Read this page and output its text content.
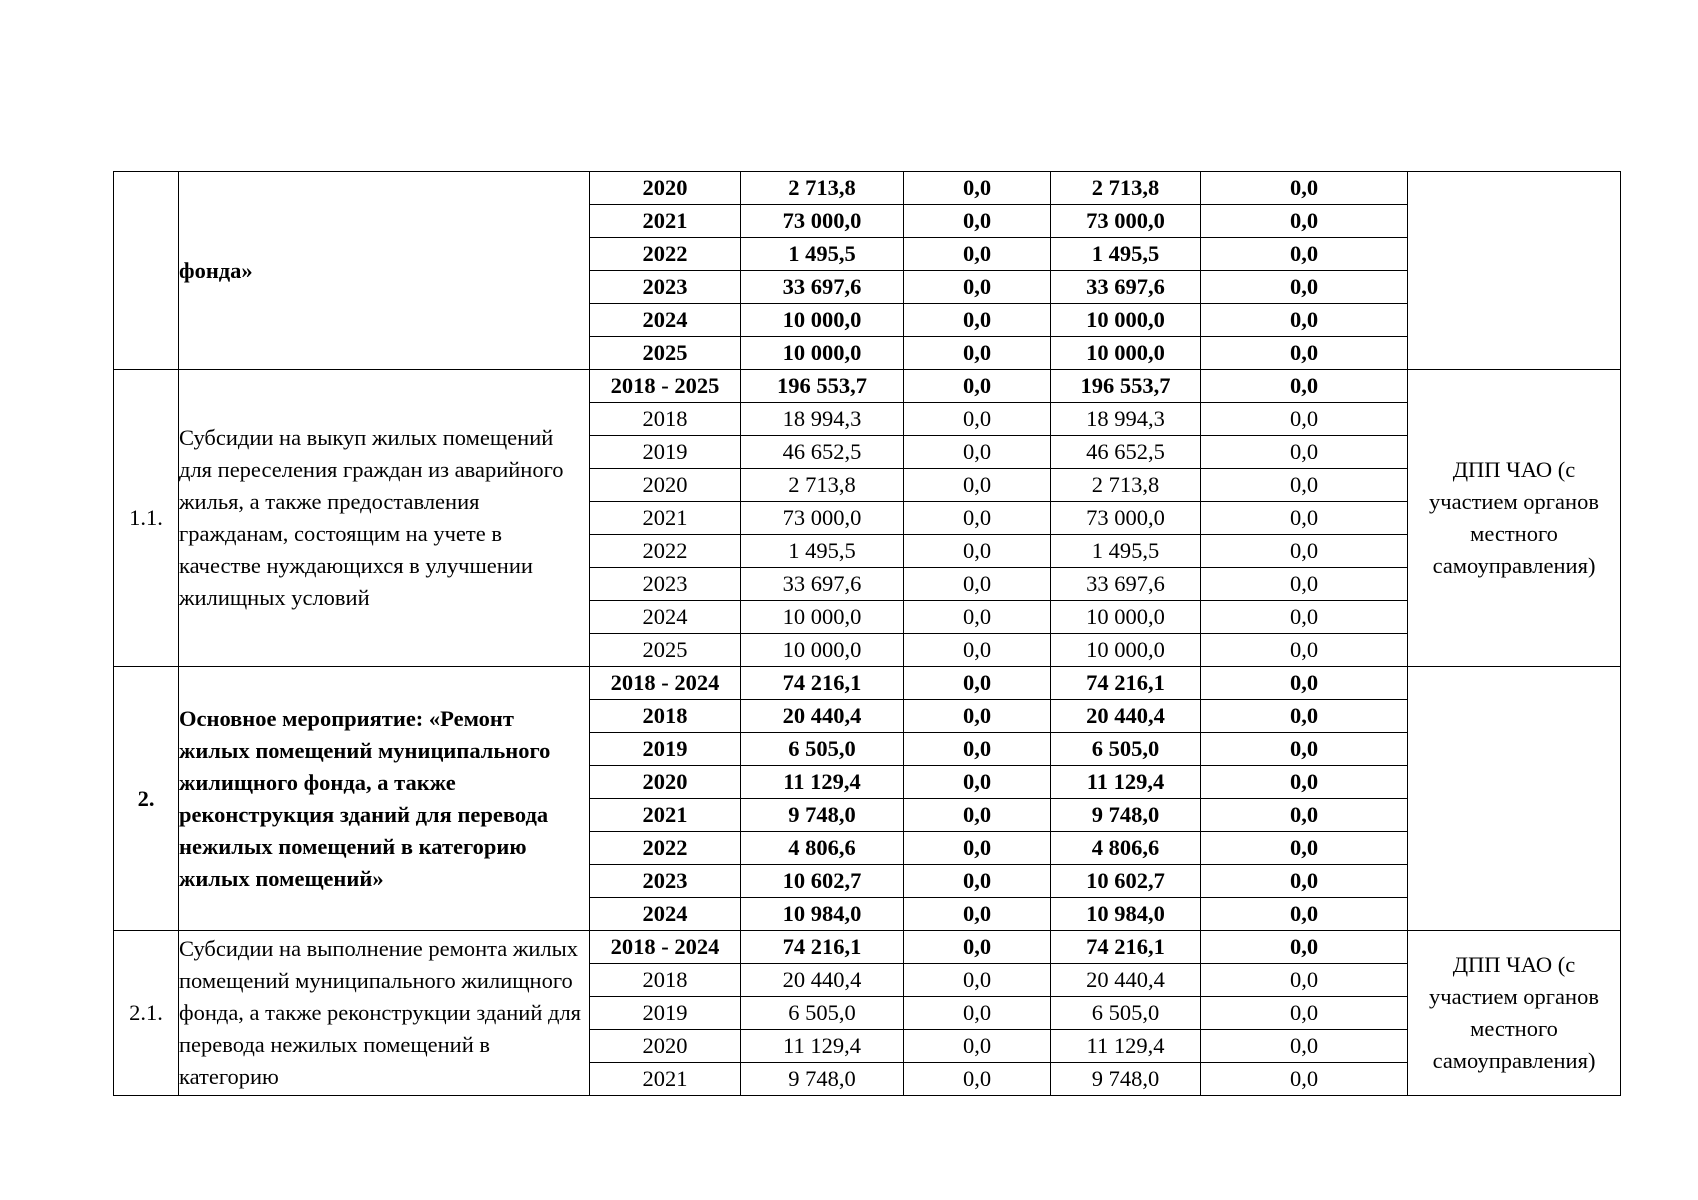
	фонда»	2020	2 713,8	0,0	2 713,8	0,0	
		2021	73 000,0	0,0	73 000,0	0,0	
		2022	1 495,5	0,0	1 495,5	0,0	
		2023	33 697,6	0,0	33 697,6	0,0	
		2024	10 000,0	0,0	10 000,0	0,0	
		2025	10 000,0	0,0	10 000,0	0,0	
1.1.	Субсидии на выкуп жилых помещений для переселения граждан из аварийного жилья, а также предоставления гражданам, состоящим на учете в качестве нуждающихся в улучшении жилищных условий	2018 - 2025	196 553,7	0,0	196 553,7	0,0	ДПП ЧАО (с участием органов местного самоуправления)
		2018	18 994,3	0,0	18 994,3	0,0	
		2019	46 652,5	0,0	46 652,5	0,0	
		2020	2 713,8	0,0	2 713,8	0,0	
		2021	73 000,0	0,0	73 000,0	0,0	
		2022	1 495,5	0,0	1 495,5	0,0	
		2023	33 697,6	0,0	33 697,6	0,0	
		2024	10 000,0	0,0	10 000,0	0,0	
		2025	10 000,0	0,0	10 000,0	0,0	
2.	Основное мероприятие: «Ремонт жилых помещений муниципального жилищного фонда, а также реконструкция зданий для перевода нежилых помещений в категорию жилых помещений»	2018 - 2024	74 216,1	0,0	74 216,1	0,0	
		2018	20 440,4	0,0	20 440,4	0,0	
		2019	6 505,0	0,0	6 505,0	0,0	
		2020	11 129,4	0,0	11 129,4	0,0	
		2021	9 748,0	0,0	9 748,0	0,0	
		2022	4 806,6	0,0	4 806,6	0,0	
		2023	10 602,7	0,0	10 602,7	0,0	
		2024	10 984,0	0,0	10 984,0	0,0	
2.1.	Субсидии на выполнение ремонта жилых помещений муниципального жилищного фонда, а также реконструкции зданий для перевода нежилых помещений в категорию	2018 - 2024	74 216,1	0,0	74 216,1	0,0	ДПП ЧАО (с участием органов местного самоуправления)
		2018	20 440,4	0,0	20 440,4	0,0	
		2019	6 505,0	0,0	6 505,0	0,0	
		2020	11 129,4	0,0	11 129,4	0,0	
		2021	9 748,0	0,0	9 748,0	0,0	
